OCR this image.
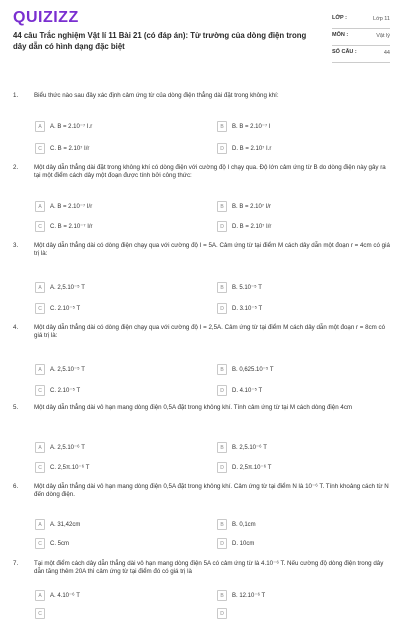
QUIZIZZ
44 câu Trắc nghiệm Vật lí 11 Bài 21 (có đáp án): Từ trường của dòng điện trong dây dẫn có hình dạng đặc biệt
LỚP :	Lớp 11
MÔN :	Vật lý
SỐ CÂU :	44
1.	Biểu thức nào sau đây xác định cảm ứng từ của dòng điện thẳng dài đặt trong không khí:
A	A. B = 2.10⁻⁷ I.r	B	B. B = 2.10⁻⁷ I
C	C. B = 2.10⁷ I/r	D	D. B = 2.10⁷ I.r
2.	Một dây dẫn thẳng dài đặt trong không khí có dòng điện với cường độ I chạy qua. Độ lớn cảm ứng từ B do dòng điện này gây ra tại một điểm cách dây một đoạn được tính bởi công thức:
A	A. B = 2.10⁻⁷ I/r	B	B. B = 2.10⁷ I/r
C	C. B = 2.10⁻⁷ I/r	D	D. B = 2.10⁷ I/r
3.	Một dây dẫn thẳng dài có dòng điện chạy qua với cường độ I = 5A. Cảm ứng từ tại điểm M cách dây dẫn một đoạn r = 4cm có giá trị là:
A	A. 2,5.10⁻⁵ T	B	B. 5.10⁻⁵ T
C	C. 2.10⁻⁵ T	D	D. 3.10⁻⁵ T
4.	Một dây dẫn thẳng dài có dòng điện chạy qua với cường độ I = 2,5A. Cảm ứng từ tại điểm M cách dây dẫn một đoạn r = 8cm có giá trị là:
A	A. 2,5.10⁻⁵ T	B	B. 0,625.10⁻⁵ T
C	C. 2.10⁻⁵ T	D	D. 4.10⁻⁵ T
5.	Một dây dẫn thẳng dài vô hạn mang dòng điện 0,5A đặt trong không khí. Tính cảm ứng từ tại M cách dòng điện 4cm
A	A. 2,5.10⁻⁶ T	B	B. 2,5.10⁻⁶ T
C	C. 2,5π.10⁻⁶ T	D	D. 2,5π.10⁻⁶ T
6.	Một dây dẫn thẳng dài vô hạn mang dòng điện 0,5A đặt trong không khí. Cảm ứng từ tại điểm N là 10⁻⁶ T. Tính khoảng cách từ N đến dòng điện.
A	A. 31,42cm	B	B. 0,1cm
C	C. 5cm	D	D. 10cm
7.	Tại một điểm cách dây dẫn thẳng dài vô hạn mang dòng điện 5A có cảm ứng từ là 4.10⁻⁶ T. Nếu cường độ dòng điện trong dây dẫn tăng thêm 20A thì cảm ứng từ tại điểm đó có giá trị là
A	A. 4.10⁻⁶ T	B	B. 12.10⁻⁶ T
C	D
